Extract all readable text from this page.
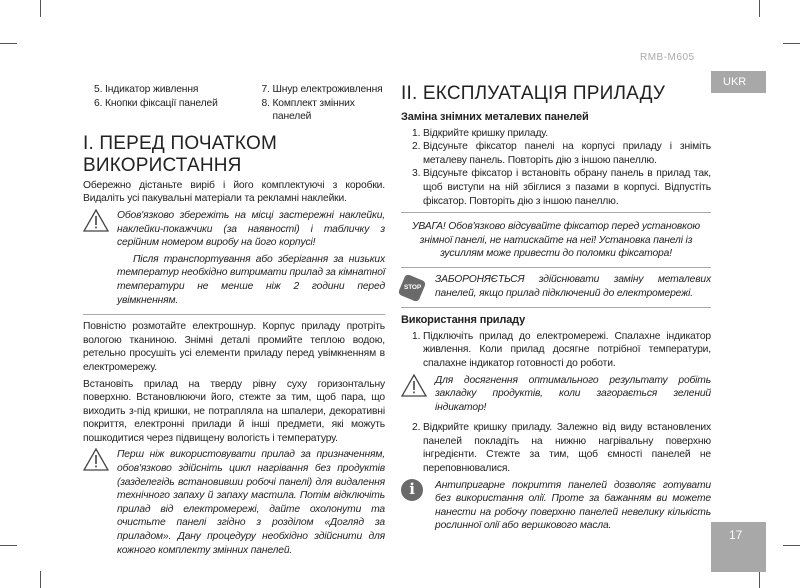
RMB-M605
UKR
17
5. Індикатор живлення
6. Кнопки фіксації панелей
7. Шнур електроживлення
8. Комплект змінних панелей
І. ПЕРЕД ПОЧАТКОМ ВИКОРИСТАННЯ

Обережно дістаньте виріб і його комплектуючі з коробки. Видаліть усі пакувальні матеріали та рекламні наклейки.

Обов'язково збережіть на місці застережні наклейки, наклейки-покажчики (за наявності) і табличку з серійним номером виробу на його корпусі!

Після транспортування або зберігання за низьких температур необхідно витримати прилад за кімнатної температури не менше ніж 2 години перед увімкненням.

Повністю розмотайте електрошнур. Корпус приладу протріть вологою тканиною. Знімні деталі промийте теплою водою, ретельно просушіть усі елементи приладу перед увімкненням в електромережу.

Встановіть прилад на тверду рівну суху горизонтальну поверхню. Встановлюючи його, стежте за тим, щоб пара, що виходить з-під кришки, не потрапляла на шпалери, декоративні покриття, електронні прилади й інші предмети, які можуть пошкодитися через підвищену вологість і температуру.

Перш ніж використовувати прилад за призначенням, обов'язково здійсніть цикл нагрівання без продуктів (зазделегідь встановивши робочі панелі) для видалення технічного запаху й запаху мастила. Потім відключіть прилад від електромережі, дайте охолонути та очистьте панелі згідно з розділом «Догляд за приладом». Дану процедуру необхідно здійснити для кожного комплекту змінних панелей.

ІІ. ЕКСПЛУАТАЦІЯ ПРИЛАДУ
Заміна знімних металевих панелей
1. Відкрийте кришку приладу.
2. Відсуньте фіксатор панелі на корпусі приладу і зніміть металеву панель. Повторіть дію з іншою панеллю.
3. Відсуньте фіксатор і встановіть обрану панель в прилад так, щоб виступи на ній збіглися з пазами в корпусі. Відпустіть фіксатор. Повторіть дію з іншою панеллю.
УВАГА! Обов'язково відсувайте фіксатор перед установкою знімної панелі, не натискайте на неї! Установка панелі із зусиллям може привести до поломки фіксатора!
STOP

ЗАБОРОНЯЄТЬСЯ здійснювати заміну металевих панелей, якщо прилад підключений до електромережі.

Використання приладу
1. Підключіть прилад до електромережі. Спалахне індикатор живлення. Коли прилад досягне потрібної температури, спалахне індикатор готовності до роботи.

Для досягнення оптимального результату робіть закладку продуктів, коли загорається зелений індикатор!

2. Відкрийте кришку приладу. Залежно від виду встановлених панелей покладіть на нижню нагрівальну поверхню інгредієнти. Стежте за тим, щоб ємності панелей не переповнювалися.
i	Антипригарне покриття панелей дозволяє готувати без використання олії. Проте за бажанням ви можете нанести на робочу поверхню панелей невелику кількість рослинної олії або вершкового масла.
